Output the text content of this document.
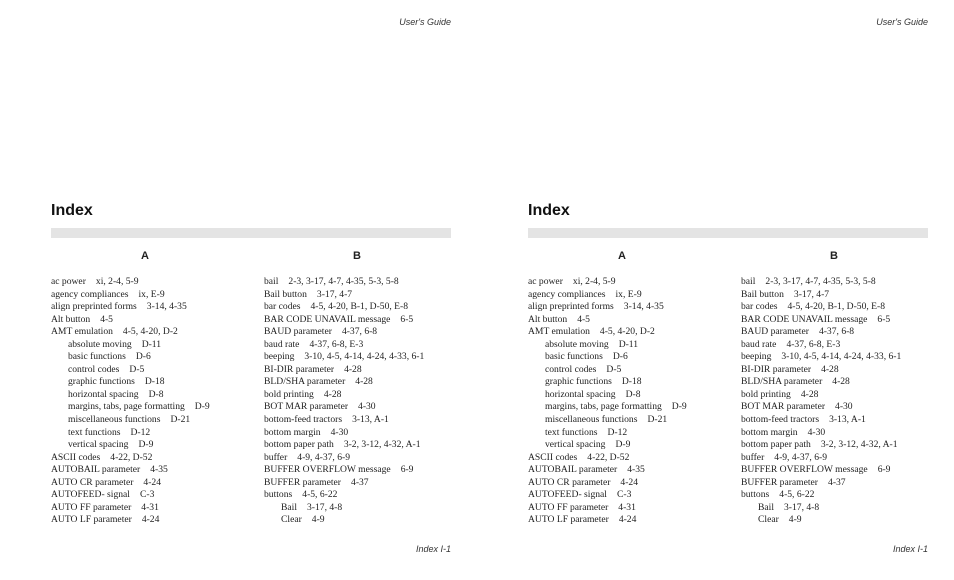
User's Guide
Index
A	B
ac power xi, 2-4, 5-9
agency compliances ix, E-9
align preprinted forms 3-14, 4-35
Alt button 4-5
AMT emulation 4-5, 4-20, D-2
absolute moving D-11
basic functions D-6
control codes D-5
graphic functions D-18
horizontal spacing D-8
margins, tabs, page formatting D-9
miscellaneous functions D-21
text functions D-12
vertical spacing D-9
ASCII codes 4-22, D-52
AUTOBAIL parameter 4-35
AUTO CR parameter 4-24
AUTOFEED- signal C-3
AUTO FF parameter 4-31
AUTO LF parameter 4-24
bail 2-3, 3-17, 4-7, 4-35, 5-3, 5-8
Bail button 3-17, 4-7
bar codes 4-5, 4-20, B-1, D-50, E-8
BAR CODE UNAVAIL message 6-5
BAUD parameter 4-37, 6-8
baud rate 4-37, 6-8, E-3
beeping 3-10, 4-5, 4-14, 4-24, 4-33, 6-1
BI-DIR parameter 4-28
BLD/SHA parameter 4-28
bold printing 4-28
BOT MAR parameter 4-30
bottom-feed tractors 3-13, A-1
bottom margin 4-30
bottom paper path 3-2, 3-12, 4-32, A-1
buffer 4-9, 4-37, 6-9
BUFFER OVERFLOW message 6-9
BUFFER parameter 4-37
buttons 4-5, 6-22
Bail 3-17, 4-8
Clear 4-9
Index I-1
User's Guide
Index
A	B
ac power xi, 2-4, 5-9
agency compliances ix, E-9
align preprinted forms 3-14, 4-35
Alt button 4-5
AMT emulation 4-5, 4-20, D-2
absolute moving D-11
basic functions D-6
control codes D-5
graphic functions D-18
horizontal spacing D-8
margins, tabs, page formatting D-9
miscellaneous functions D-21
text functions D-12
vertical spacing D-9
ASCII codes 4-22, D-52
AUTOBAIL parameter 4-35
AUTO CR parameter 4-24
AUTOFEED- signal C-3
AUTO FF parameter 4-31
AUTO LF parameter 4-24
bail 2-3, 3-17, 4-7, 4-35, 5-3, 5-8
Bail button 3-17, 4-7
bar codes 4-5, 4-20, B-1, D-50, E-8
BAR CODE UNAVAIL message 6-5
BAUD parameter 4-37, 6-8
baud rate 4-37, 6-8, E-3
beeping 3-10, 4-5, 4-14, 4-24, 4-33, 6-1
BI-DIR parameter 4-28
BLD/SHA parameter 4-28
bold printing 4-28
BOT MAR parameter 4-30
bottom-feed tractors 3-13, A-1
bottom margin 4-30
bottom paper path 3-2, 3-12, 4-32, A-1
buffer 4-9, 4-37, 6-9
BUFFER OVERFLOW message 6-9
BUFFER parameter 4-37
buttons 4-5, 6-22
Bail 3-17, 4-8
Clear 4-9
Index I-1
